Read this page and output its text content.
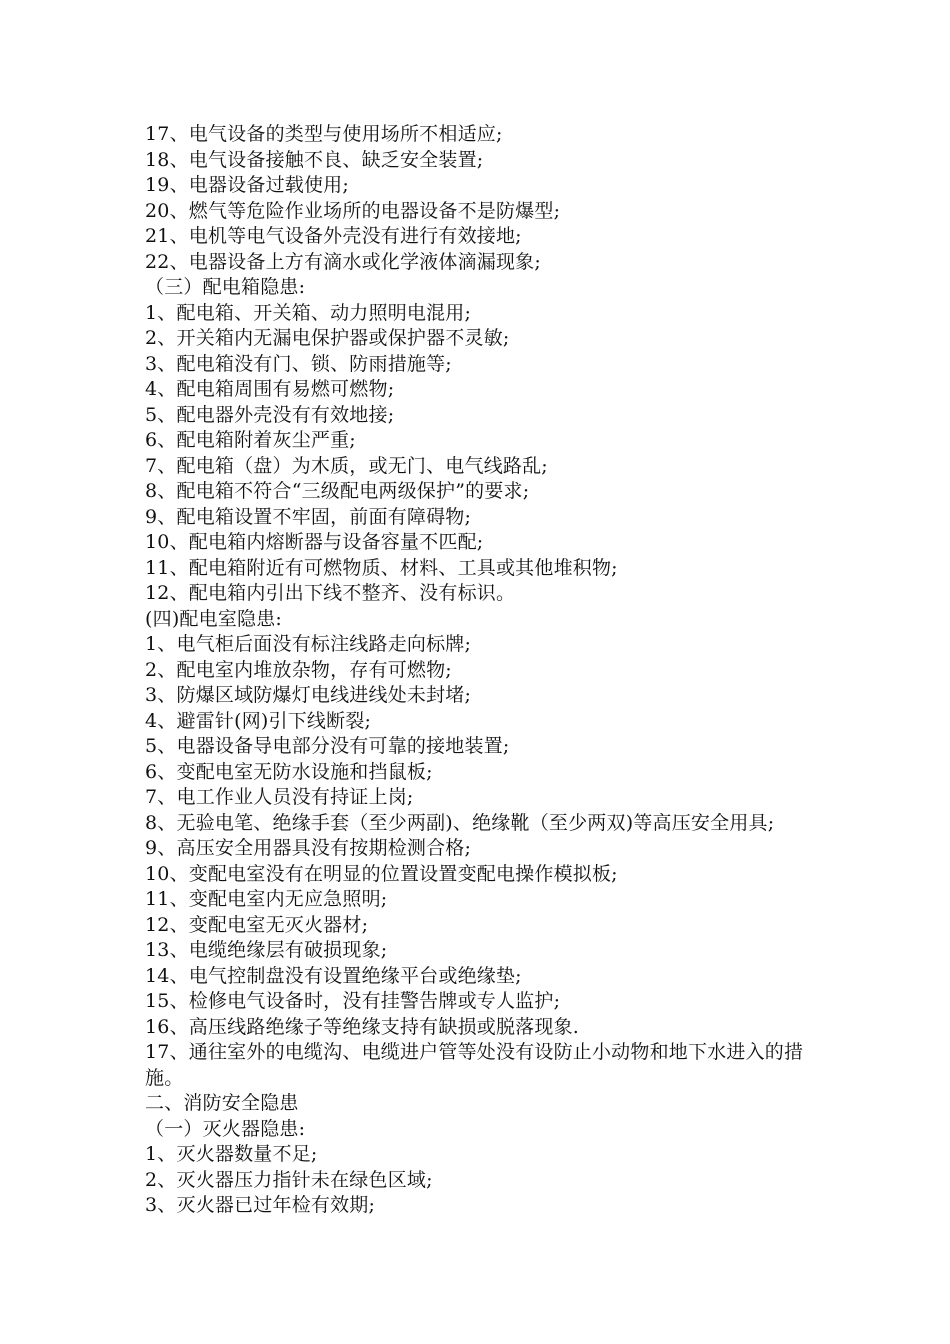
17、电气设备的类型与使用场所不相适应;
18、电气设备接触不良、缺乏安全装置;
19、电器设备过载使用;
20、燃气等危险作业场所的电器设备不是防爆型;
21、电机等电气设备外壳没有进行有效接地;
22、电器设备上方有滴水或化学液体滴漏现象;
（三）配电箱隐患:
1、配电箱、开关箱、动力照明电混用;
2、开关箱内无漏电保护器或保护器不灵敏;
3、配电箱没有门、锁、防雨措施等;
4、配电箱周围有易燃可燃物;
5、配电器外壳没有有效地接;
6、配电箱附着灰尘严重;
7、配电箱（盘）为木质，或无门、电气线路乱;
8、配电箱不符合“三级配电两级保护”的要求;
9、配电箱设置不牢固，前面有障碍物;
10、配电箱内熔断器与设备容量不匹配;
11、配电箱附近有可燃物质、材料、工具或其他堆积物;
12、配电箱内引出下线不整齐、没有标识。
(四)配电室隐患:
1、电气柜后面没有标注线路走向标牌;
2、配电室内堆放杂物，存有可燃物;
3、防爆区域防爆灯电线进线处未封堵;
4、避雷针(网)引下线断裂;
5、电器设备导电部分没有可靠的接地装置;
6、变配电室无防水设施和挡鼠板;
7、电工作业人员没有持证上岗;
8、无验电笔、绝缘手套（至少两副)、绝缘靴（至少两双)等高压安全用具;
9、高压安全用器具没有按期检测合格;
10、变配电室没有在明显的位置设置变配电操作模拟板;
11、变配电室内无应急照明;
12、变配电室无灭火器材;
13、电缆绝缘层有破损现象;
14、电气控制盘没有设置绝缘平台或绝缘垫;
15、检修电气设备时，没有挂警告牌或专人监护;
16、高压线路绝缘子等绝缘支持有缺损或脱落现象.
17、通往室外的电缆沟、电缆进户管等处没有设防止小动物和地下水进入的措施。
二、消防安全隐患
（一）灭火器隐患:
1、灭火器数量不足;
2、灭火器压力指针未在绿色区域;
3、灭火器已过年检有效期;
